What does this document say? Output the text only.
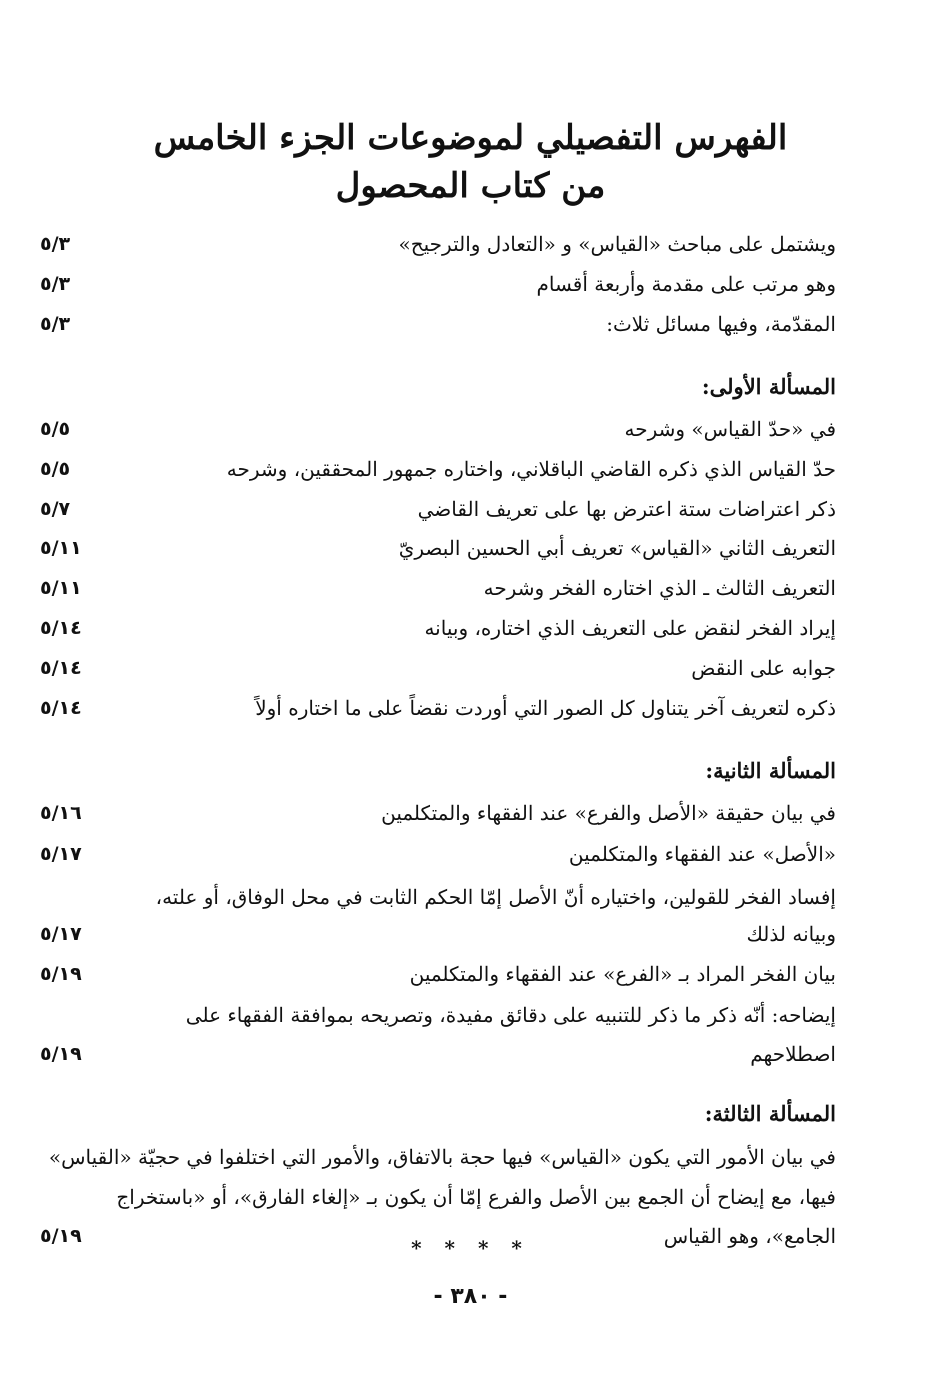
الفهرس التفصيلي لموضوعات الجزء الخامس
من كتاب المحصول
ويشتمل على مباحث «القياس» و «التعادل والترجيح»
٥/٣
وهو مرتب على مقدمة وأربعة أقسام
٥/٣
المقدّمة، وفيها مسائل ثلاث:
٥/٣
المسألة الأولى:
في «حدّ القياس» وشرحه
٥/٥
حدّ القياس الذي ذكره القاضي الباقلاني، واختاره جمهور المحققين، وشرحه
٥/٥
ذكر اعتراضات ستة اعترض بها على تعريف القاضي
٥/٧
التعريف الثاني «القياس» تعريف أبي الحسين البصريّ
٥/١١
التعريف الثالث ـ الذي اختاره الفخر وشرحه
٥/١١
إيراد الفخر لنقض على التعريف الذي اختاره، وبيانه
٥/١٤
جوابه على النقض
٥/١٤
ذكره لتعريف آخر يتناول كل الصور التي أوردت نقضاً على ما اختاره أولاً
٥/١٤
المسألة الثانية:
في بيان حقيقة «الأصل والفرع» عند الفقهاء والمتكلمين
٥/١٦
«الأصل» عند الفقهاء والمتكلمين
٥/١٧
إفساد الفخر للقولين، واختياره أنّ الأصل إمّا الحكم الثابت في محل الوفاق، أو علته،
وبيانه لذلك
٥/١٧
بيان الفخر المراد بـ «الفرع» عند الفقهاء والمتكلمين
٥/١٩
إيضاحه: أنّه ذكر ما ذكر للتنبيه على دقائق مفيدة، وتصريحه بموافقة الفقهاء على
اصطلاحهم
٥/١٩
المسألة الثالثة:
في بيان الأمور التي يكون «القياس» فيها حجة بالاتفاق، والأمور التي اختلفوا في حجيّة «القياس»
فيها، مع إيضاح أن الجمع بين الأصل والفرع إمّا أن يكون بـ «إلغاء الفارق»، أو «باستخراج
الجامع»، وهو القياس
٥/١٩	* * * *
- ٣٨٠ -
